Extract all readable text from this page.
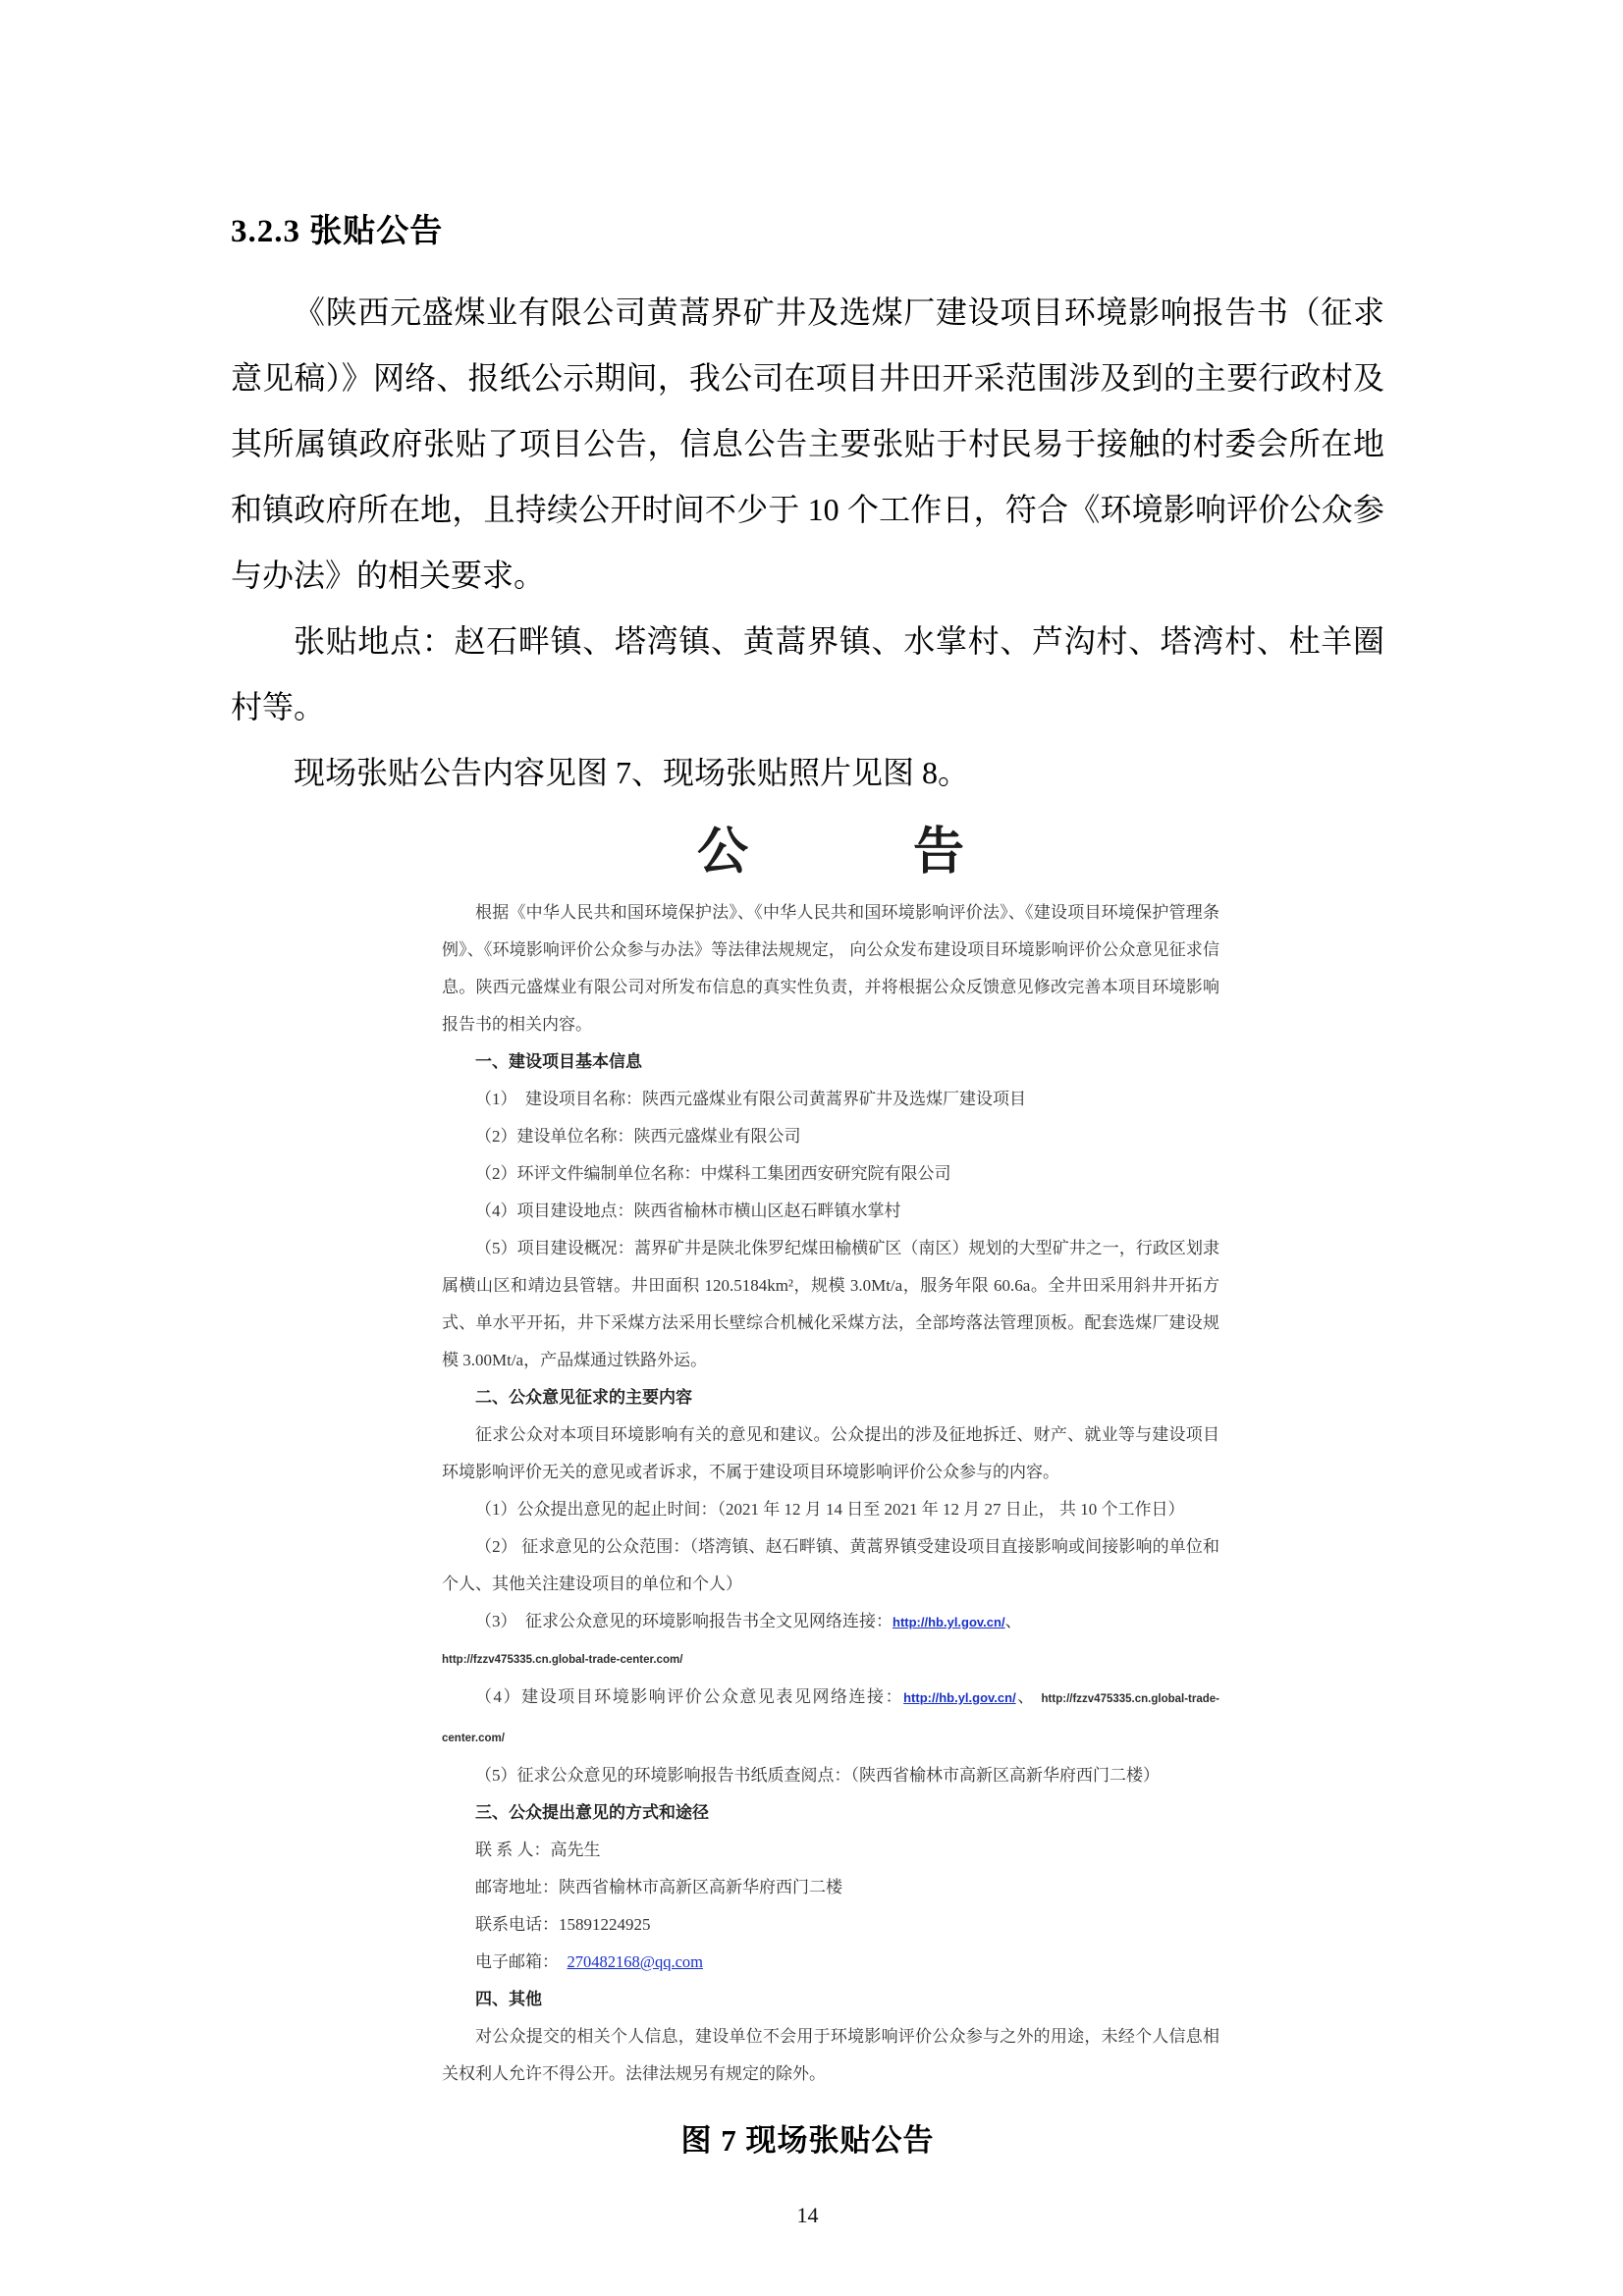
3.2.3 张贴公告

《陕西元盛煤业有限公司黄蒿界矿井及选煤厂建设项目环境影响报告书（征求意见稿）》网络、报纸公示期间，我公司在项目井田开采范围涉及到的主要行政村及其所属镇政府张贴了项目公告，信息公告主要张贴于村民易于接触的村委会所在地和镇政府所在地，且持续公开时间不少于 10 个工作日，符合《环境影响评价公众参与办法》的相关要求。

张贴地点：赵石畔镇、塔湾镇、黄蒿界镇、水掌村、芦沟村、塔湾村、杜羊圈村等。

现场张贴公告内容见图 7、现场张贴照片见图 8。

公	告

根据《中华人民共和国环境保护法》、《中华人民共和国环境影响评价法》、《建设项目环境保护管理条例》、《环境影响评价公众参与办法》等法律法规规定， 向公众发布建设项目环境影响评价公众意见征求信息。陕西元盛煤业有限公司对所发布信息的真实性负责，并将根据公众反馈意见修改完善本项目环境影响报告书的相关内容。

一、建设项目基本信息

（1）  建设项目名称：陕西元盛煤业有限公司黄蒿界矿井及选煤厂建设项目

（2）建设单位名称：陕西元盛煤业有限公司

（2）环评文件编制单位名称：中煤科工集团西安研究院有限公司

（4）项目建设地点：陕西省榆林市横山区赵石畔镇水掌村

（5）项目建设概况：蒿界矿井是陕北侏罗纪煤田榆横矿区（南区）规划的大型矿井之一，行政区划隶属横山区和靖边县管辖。井田面积 120.5184km²，规模 3.0Mt/a，服务年限 60.6a。全井田采用斜井开拓方式、单水平开拓，井下采煤方法采用长壁综合机械化采煤方法，全部垮落法管理顶板。配套选煤厂建设规模 3.00Mt/a，产品煤通过铁路外运。

二、公众意见征求的主要内容

征求公众对本项目环境影响有关的意见和建议。公众提出的涉及征地拆迁、财产、就业等与建设项目环境影响评价无关的意见或者诉求，不属于建设项目环境影响评价公众参与的内容。

（1）公众提出意见的起止时间：（2021 年 12 月 14 日至 2021 年 12 月 27 日止， 共 10 个工作日）

（2） 征求意见的公众范围：（塔湾镇、赵石畔镇、黄蒿界镇受建设项目直接影响或间接影响的单位和个人、其他关注建设项目的单位和个人）

（3）  征求公众意见的环境影响报告书全文见网络连接：http://hb.yl.gov.cn/、

http://fzzv475335.cn.global-trade-center.com/

（4）建设项目环境影响评价公众意见表见网络连接：http://hb.yl.gov.cn/、 http://fzzv475335.cn.global-trade-center.com/

（5）征求公众意见的环境影响报告书纸质查阅点：（陕西省榆林市高新区高新华府西门二楼）

三、公众提出意见的方式和途径

联 系 人：高先生

邮寄地址：陕西省榆林市高新区高新华府西门二楼

联系电话：15891224925

电子邮箱：  270482168@qq.com

四、其他

对公众提交的相关个人信息，建设单位不会用于环境影响评价公众参与之外的用途，未经个人信息相关权利人允许不得公开。法律法规另有规定的除外。

图 7 现场张贴公告
14
